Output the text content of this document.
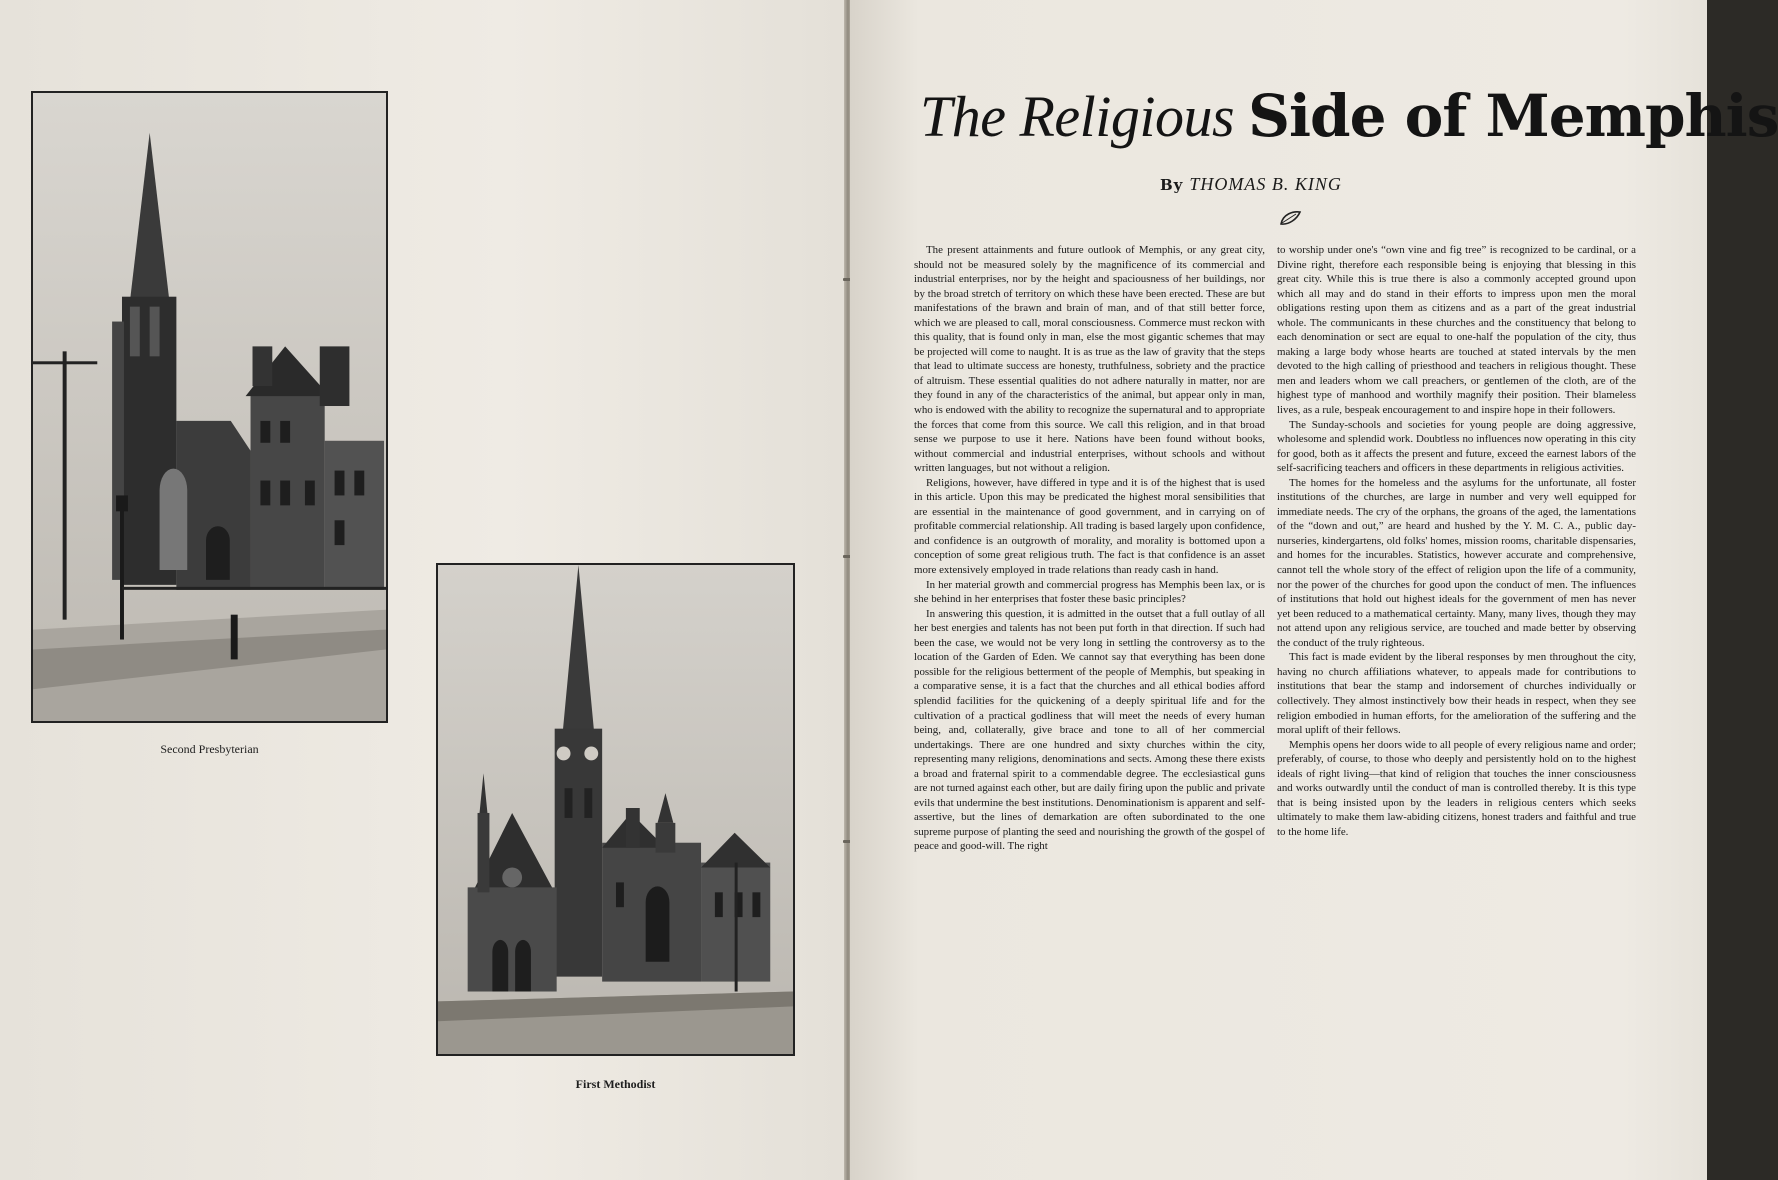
Second Presbyterian
First Methodist
The Religious Side of Memphis
By THOMAS B. KING

The present attainments and future outlook of Memphis, or any great city, should not be measured solely by the magnificence of its commercial and industrial enterprises, nor by the height and spaciousness of her buildings, nor by the broad stretch of territory on which these have been erected. These are but manifestations of the brawn and brain of man, and of that still better force, which we are pleased to call, moral consciousness. Commerce must reckon with this quality, that is found only in man, else the most gigantic schemes that may be projected will come to naught. It is as true as the law of gravity that the steps that lead to ultimate success are honesty, truthfulness, sobriety and the practice of altruism. These essential qualities do not adhere naturally in matter, nor are they found in any of the characteristics of the animal, but appear only in man, who is endowed with the ability to recognize the supernatural and to appropriate the forces that come from this source. We call this religion, and in that broad sense we purpose to use it here. Nations have been found without books, without commercial and industrial enterprises, without schools and without written languages, but not without a religion.

Religions, however, have differed in type and it is of the highest that is used in this article. Upon this may be predicated the highest moral sensibilities that are essential in the maintenance of good government, and in carrying on of profitable commercial relationship. All trading is based largely upon confidence, and confidence is an outgrowth of morality, and morality is bottomed upon a conception of some great religious truth. The fact is that confidence is an asset more extensively employed in trade relations than ready cash in hand.

In her material growth and commercial progress has Memphis been lax, or is she behind in her enterprises that foster these basic principles?

In answering this question, it is admitted in the outset that a full outlay of all her best energies and talents has not been put forth in that direction. If such had been the case, we would not be very long in settling the controversy as to the location of the Garden of Eden. We cannot say that everything has been done possible for the religious betterment of the people of Memphis, but speaking in a comparative sense, it is a fact that the churches and all ethical bodies afford splendid facilities for the quickening of a deeply spiritual life and for the cultivation of a practical godliness that will meet the needs of every human being, and, collaterally, give brace and tone to all of her commercial undertakings. There are one hundred and sixty churches within the city, representing many religions, denominations and sects. Among these there exists a broad and fraternal spirit to a commendable degree. The ecclesiastical guns are not turned against each other, but are daily firing upon the public and private evils that undermine the best institutions. Denominationism is apparent and self-assertive, but the lines of demarkation are often subordinated to the one supreme purpose of planting the seed and nourishing the growth of the gospel of peace and good-will. The right

to worship under one's “own vine and fig tree” is recognized to be cardinal, or a Divine right, therefore each responsible being is enjoying that blessing in this great city. While this is true there is also a commonly accepted ground upon which all may and do stand in their efforts to impress upon men the moral obligations resting upon them as citizens and as a part of the great industrial whole. The communicants in these churches and the constituency that belong to each denomination or sect are equal to one-half the population of the city, thus making a large body whose hearts are touched at stated intervals by the men devoted to the high calling of priesthood and teachers in religious thought. These men and leaders whom we call preachers, or gentlemen of the cloth, are of the highest type of manhood and worthily magnify their position. Their blameless lives, as a rule, bespeak encouragement to and inspire hope in their followers.

The Sunday-schools and societies for young people are doing aggressive, wholesome and splendid work. Doubtless no influences now operating in this city for good, both as it affects the present and future, exceed the earnest labors of the self-sacrificing teachers and officers in these departments in religious activities.

The homes for the homeless and the asylums for the unfortunate, all foster institutions of the churches, are large in number and very well equipped for immediate needs. The cry of the orphans, the groans of the aged, the lamentations of the “down and out,” are heard and hushed by the Y. M. C. A., public day-nurseries, kindergartens, old folks' homes, mission rooms, charitable dispensaries, and homes for the incurables. Statistics, however accurate and comprehensive, cannot tell the whole story of the effect of religion upon the life of a community, nor the power of the churches for good upon the conduct of men. The influences of institutions that hold out highest ideals for the government of men has never yet been reduced to a mathematical certainty. Many, many lives, though they may not attend upon any religious service, are touched and made better by observing the conduct of the truly righteous.

This fact is made evident by the liberal responses by men throughout the city, having no church affiliations whatever, to appeals made for contributions to institutions that bear the stamp and indorsement of churches individually or collectively. They almost instinctively bow their heads in respect, when they see religion embodied in human efforts, for the amelioration of the suffering and the moral uplift of their fellows.

Memphis opens her doors wide to all people of every religious name and order; preferably, of course, to those who deeply and persistently hold on to the highest ideals of right living—that kind of religion that touches the inner consciousness and works outwardly until the conduct of man is controlled thereby. It is this type that is being insisted upon by the leaders in religious centers which seeks ultimately to make them law-abiding citizens, honest traders and faithful and true to the home life.
